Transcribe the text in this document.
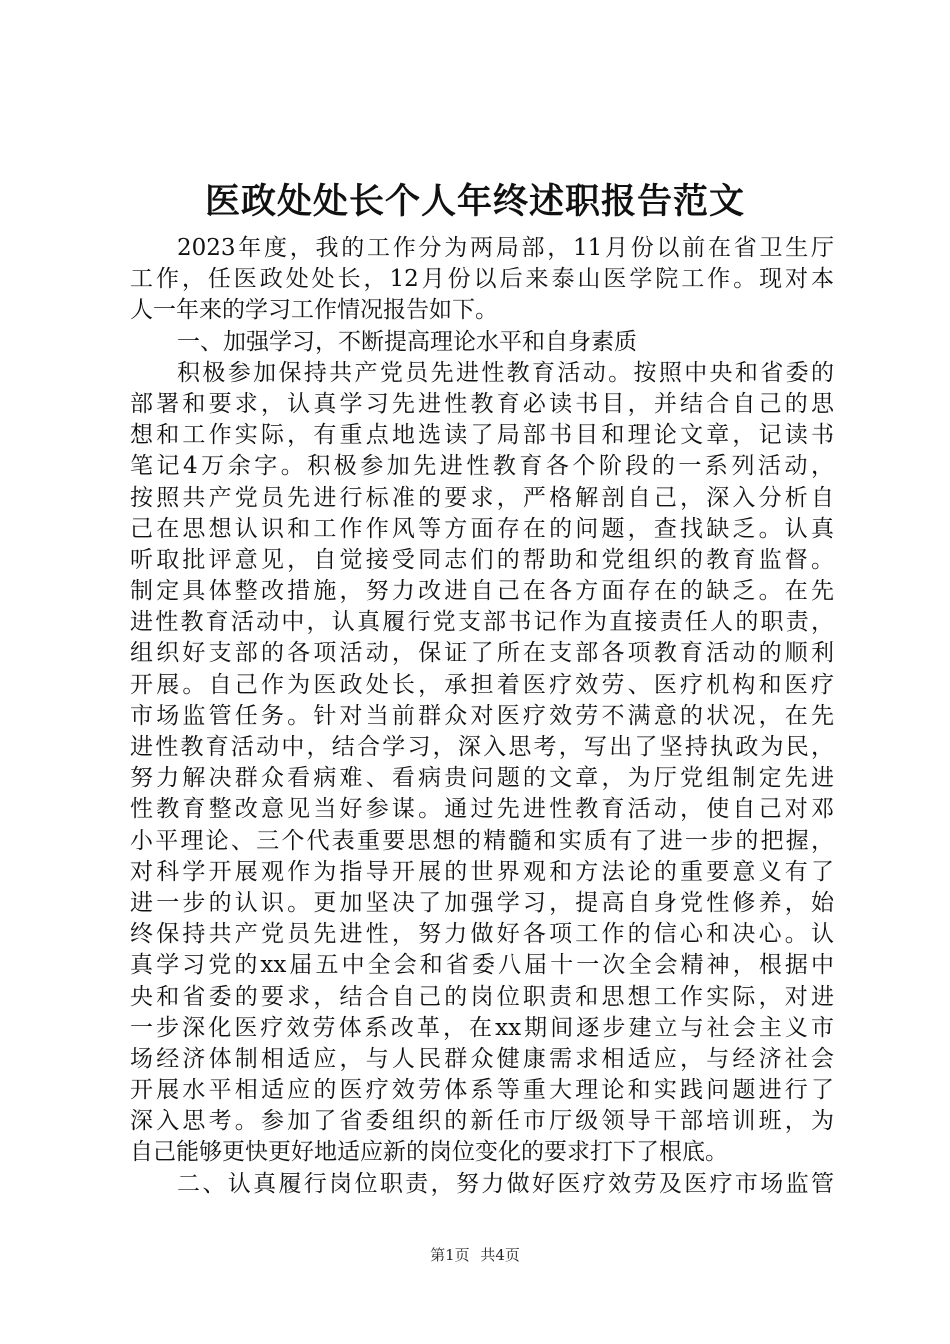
医政处处长个人年终述职报告范文
2023年度，我的工作分为两局部，11月份以前在省卫生厅
工作，任医政处处长，12月份以后来泰山医学院工作。现对本
人一年来的学习工作情况报告如下。
一、加强学习，不断提高理论水平和自身素质
积极参加保持共产党员先进性教育活动。按照中央和省委的
部署和要求，认真学习先进性教育必读书目，并结合自己的思
想和工作实际，有重点地选读了局部书目和理论文章，记读书
笔记4万余字。积极参加先进性教育各个阶段的一系列活动，
按照共产党员先进行标准的要求，严格解剖自己，深入分析自
己在思想认识和工作作风等方面存在的问题，查找缺乏。认真
听取批评意见，自觉接受同志们的帮助和党组织的教育监督。
制定具体整改措施，努力改进自己在各方面存在的缺乏。在先
进性教育活动中，认真履行党支部书记作为直接责任人的职责，
组织好支部的各项活动，保证了所在支部各项教育活动的顺利
开展。自己作为医政处长，承担着医疗效劳、医疗机构和医疗
市场监管任务。针对当前群众对医疗效劳不满意的状况，在先
进性教育活动中，结合学习，深入思考，写出了坚持执政为民，
努力解决群众看病难、看病贵问题的文章，为厅党组制定先进
性教育整改意见当好参谋。通过先进性教育活动，使自己对邓
小平理论、三个代表重要思想的精髓和实质有了进一步的把握，
对科学开展观作为指导开展的世界观和方法论的重要意义有了
进一步的认识。更加坚决了加强学习，提高自身党性修养，始
终保持共产党员先进性，努力做好各项工作的信心和决心。认
真学习党的xx届五中全会和省委八届十一次全会精神，根据中
央和省委的要求，结合自己的岗位职责和思想工作实际，对进
一步深化医疗效劳体系改革，在xx期间逐步建立与社会主义市
场经济体制相适应，与人民群众健康需求相适应，与经济社会
开展水平相适应的医疗效劳体系等重大理论和实践问题进行了
深入思考。参加了省委组织的新任市厅级领导干部培训班，为
自己能够更快更好地适应新的岗位变化的要求打下了根底。
二、认真履行岗位职责，努力做好医疗效劳及医疗市场监管
第1页 共4页
